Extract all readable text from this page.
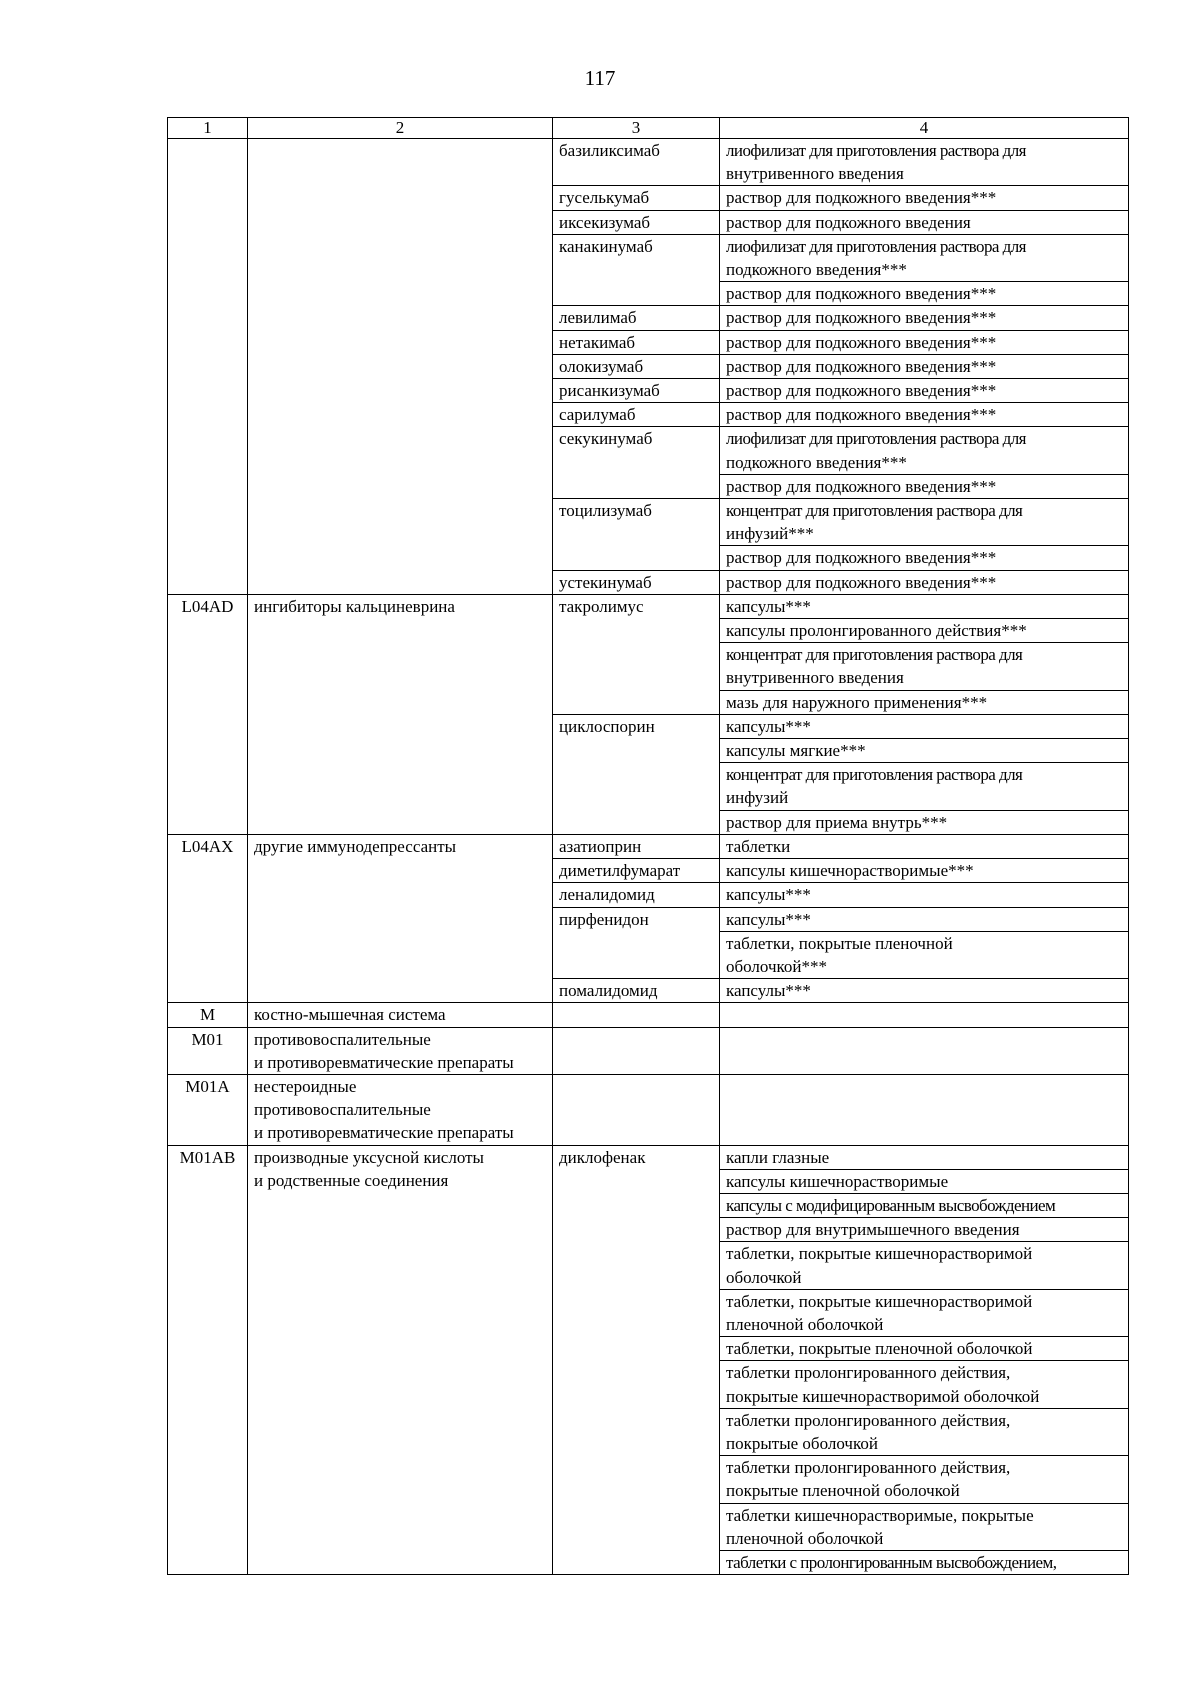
117
1	2	3	4

		базиликсимаб	лиофилизат для приготовления раствора для
внутривенного введения

		гуселькумаб	раствор для подкожного введения***

		иксекизумаб	раствор для подкожного введения

		канакинумаб	лиофилизат для приготовления раствора для
подкожного введения***

			раствор для подкожного введения***

		левилимаб	раствор для подкожного введения***

		нетакимаб	раствор для подкожного введения***

		олокизумаб	раствор для подкожного введения***

		рисанкизумаб	раствор для подкожного введения***

		сарилумаб	раствор для подкожного введения***

		секукинумаб	лиофилизат для приготовления раствора для
подкожного введения***

			раствор для подкожного введения***

		тоцилизумаб	концентрат для приготовления раствора для
инфузий***

			раствор для подкожного введения***

		устекинумаб	раствор для подкожного введения***

L04AD	ингибиторы кальциневрина	такролимус	капсулы***

			капсулы пролонгированного действия***

			концентрат для приготовления раствора для
внутривенного введения

			мазь для наружного применения***

		циклоспорин	капсулы***

			капсулы мягкие***

			концентрат для приготовления раствора для
инфузий

			раствор для приема внутрь***

L04AX	другие иммунодепрессанты	азатиоприн	таблетки

		диметилфумарат	капсулы кишечнорастворимые***

		леналидомид	капсулы***

		пирфенидон	капсулы***

			таблетки, покрытые пленочной
оболочкой***

		помалидомид	капсулы***

M	костно-мышечная система		

M01	противовоспалительные
и противоревматические препараты		

M01A	нестероидные
противовоспалительные
и противоревматические препараты		

M01AB	производные уксусной кислоты
и родственные соединения	диклофенак	капли глазные

			капсулы кишечнорастворимые

			капсулы с модифицированным высвобождением

			раствор для внутримышечного введения

			таблетки, покрытые кишечнорастворимой
оболочкой

			таблетки, покрытые кишечнорастворимой
пленочной оболочкой

			таблетки, покрытые пленочной оболочкой

			таблетки пролонгированного действия,
покрытые кишечнорастворимой оболочкой

			таблетки пролонгированного действия,
покрытые оболочкой

			таблетки пролонгированного действия,
покрытые пленочной оболочкой

			таблетки кишечнорастворимые, покрытые
пленочной оболочкой

			таблетки с пролонгированным высвобождением,
